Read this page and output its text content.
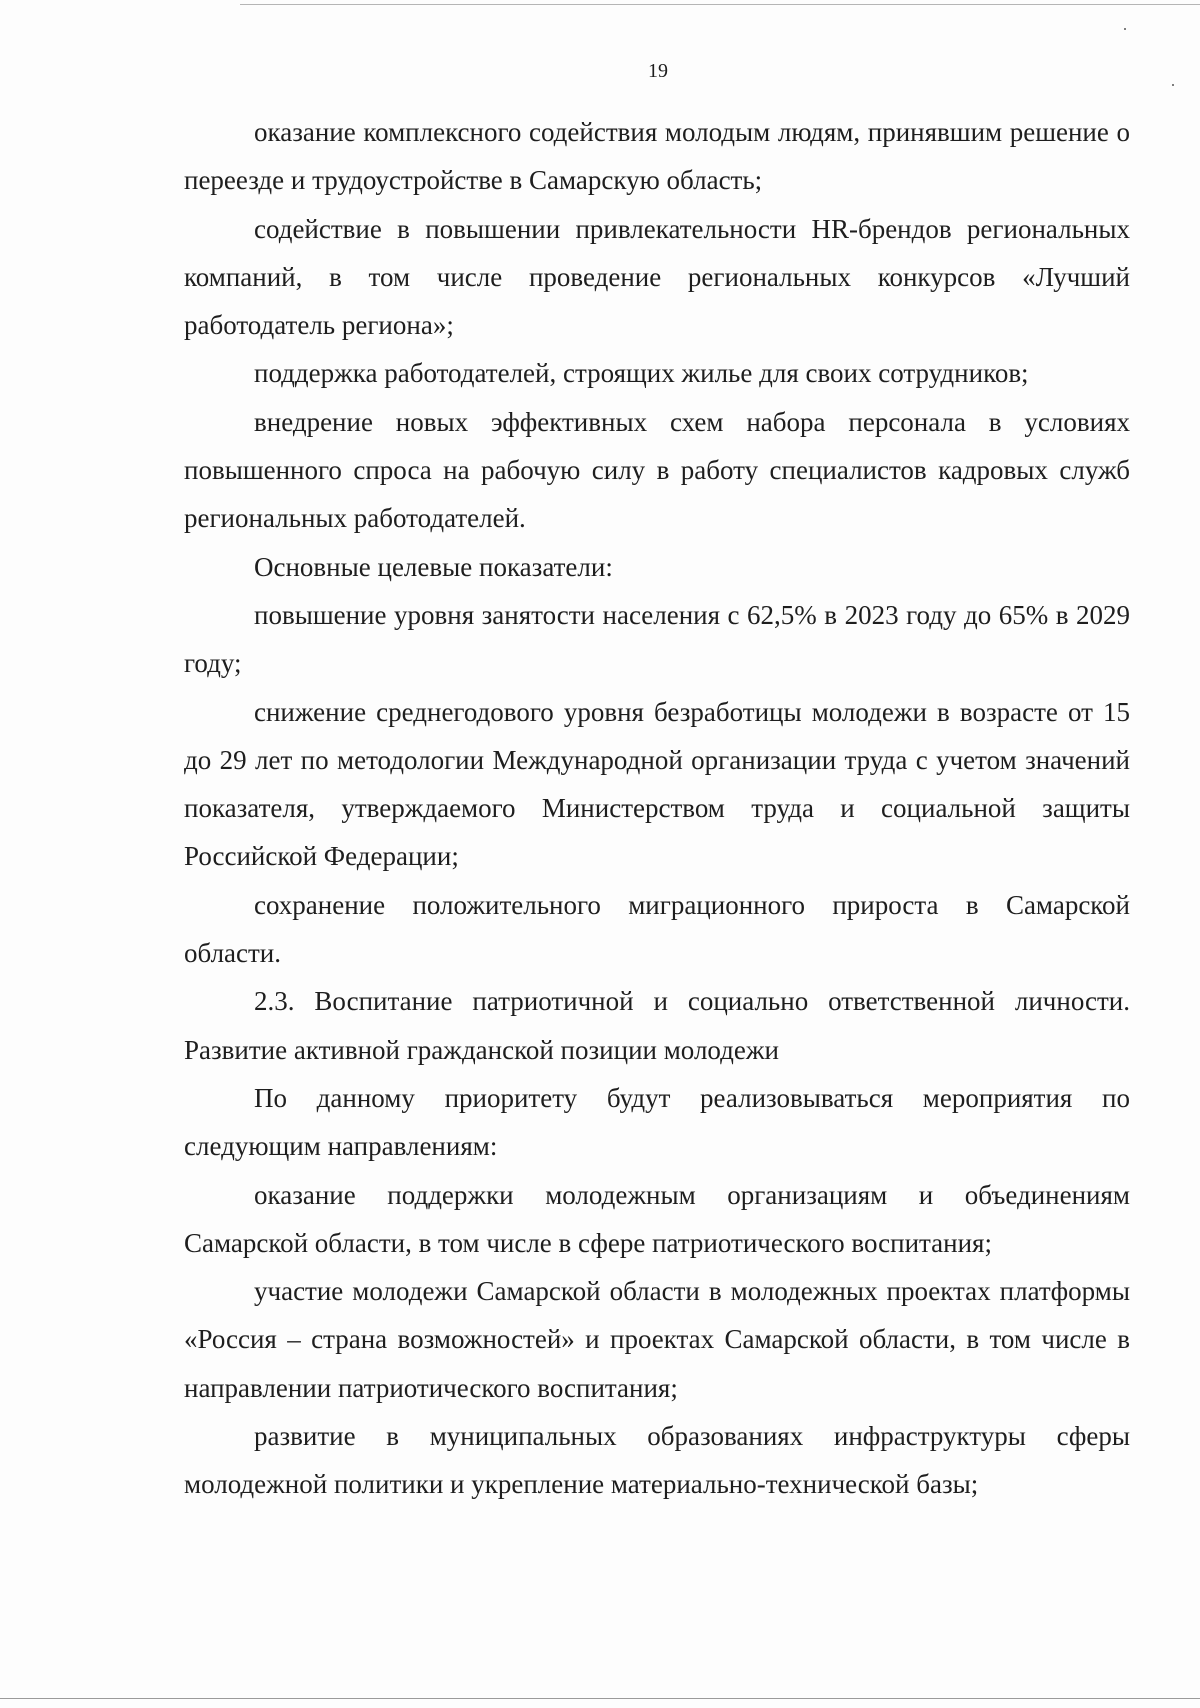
19

оказание комплексного содействия молодым людям, принявшим решение о переезде и трудоустройстве в Самарскую область;

содействие в повышении привлекательности HR-брендов региональных компаний, в том числе проведение региональных конкурсов «Лучший работодатель региона»;

поддержка работодателей, строящих жилье для своих сотрудников;

внедрение новых эффективных схем набора персонала в условиях повышенного спроса на рабочую силу в работу специалистов кадровых служб региональных работодателей.

Основные целевые показатели:

повышение уровня занятости населения с 62,5% в 2023 году до 65% в 2029 году;

снижение среднегодового уровня безработицы молодежи в возрасте от 15 до 29 лет по методологии Международной организации труда с учетом значений показателя, утверждаемого Министерством труда и социальной защиты Российской Федерации;

сохранение положительного миграционного прироста в Самарской области.

2.3. Воспитание патриотичной и социально ответственной личности. Развитие активной гражданской позиции молодежи

По данному приоритету будут реализовываться мероприятия по следующим направлениям:

оказание поддержки молодежным организациям и объединениям Самарской области, в том числе в сфере патриотического воспитания;

участие молодежи Самарской области в молодежных проектах платформы «Россия – страна возможностей» и проектах Самарской области, в том числе в направлении патриотического воспитания;

развитие в муниципальных образованиях инфраструктуры сферы молодежной политики и укрепление материально-технической базы;
